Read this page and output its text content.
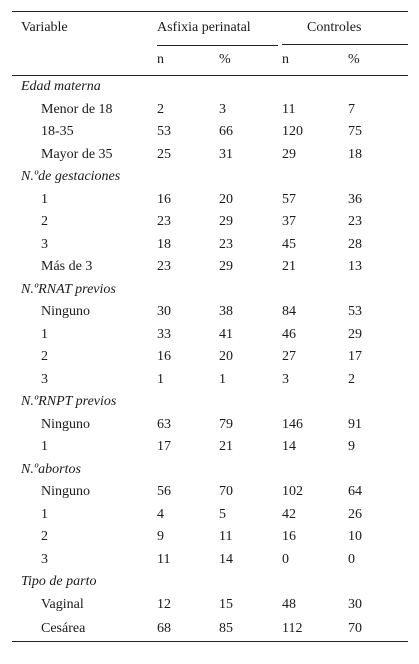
Variable	Asfixia perinatal		Controles	
	n	%	n	%
Edad materna				
Menor de 18	2	3	11	7
18-35	53	66	120	75
Mayor de 35	25	31	29	18
N.ºde gestaciones				
1	16	20	57	36
2	23	29	37	23
3	18	23	45	28
Más de 3	23	29	21	13
N.ºRNAT previos				
Ninguno	30	38	84	53
1	33	41	46	29
2	16	20	27	17
3	1	1	3	2
N.ºRNPT previos				
Ninguno	63	79	146	91
1	17	21	14	9
N.ºabortos				
Ninguno	56	70	102	64
1	4	5	42	26
2	9	11	16	10
3	11	14	0	0
Tipo de parto				
Vaginal	12	15	48	30
Cesárea	68	85	112	70
